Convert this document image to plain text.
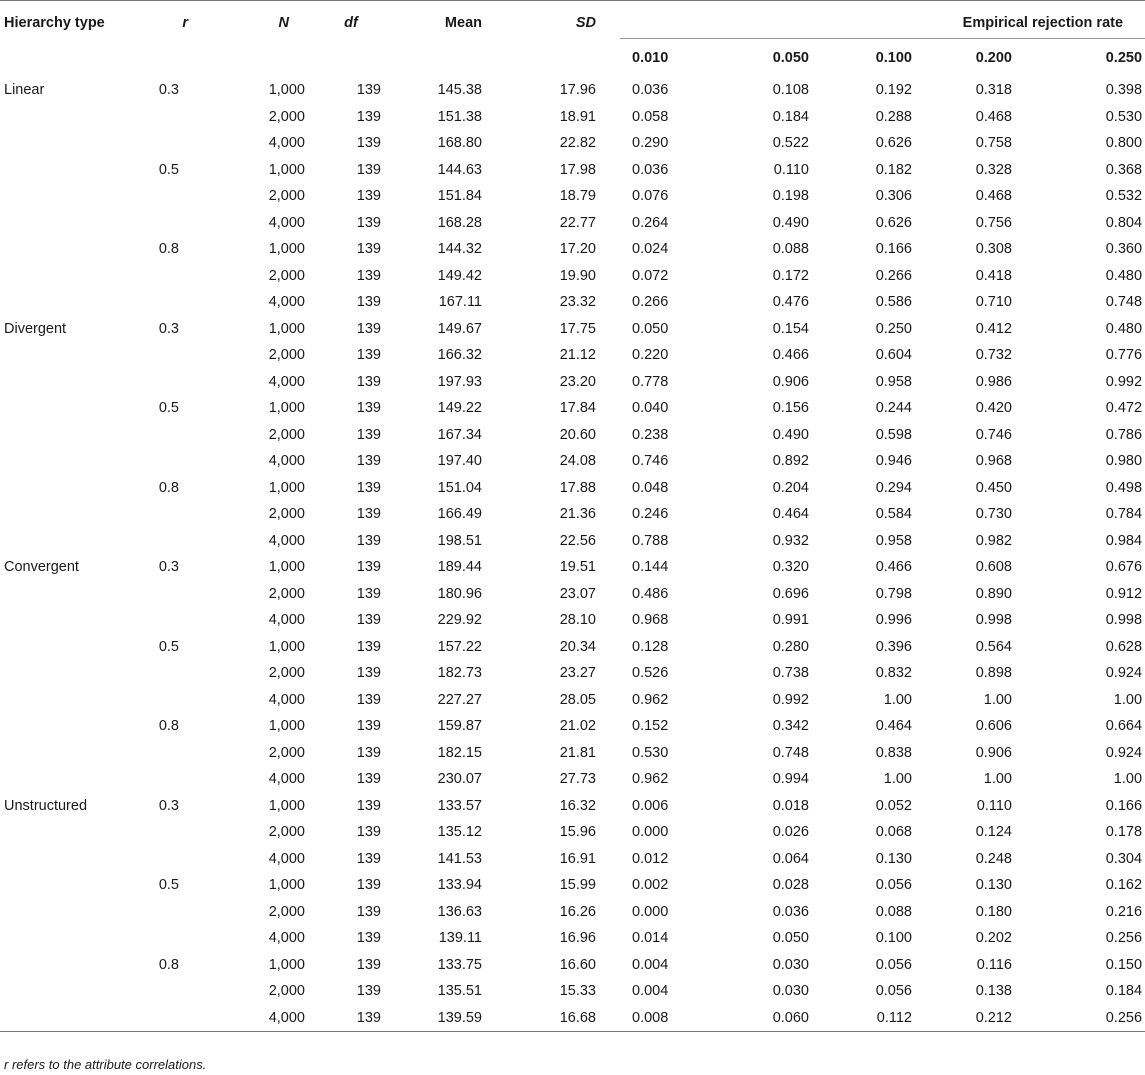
Hierarchy type	r	N	df	Mean	SD	Empirical rejection rate				
						0.010	0.050	0.100	0.200	0.250
Linear	0.3	1,000	139	145.38	17.96	0.036	0.108	0.192	0.318	0.398
		2,000	139	151.38	18.91	0.058	0.184	0.288	0.468	0.530
		4,000	139	168.80	22.82	0.290	0.522	0.626	0.758	0.800
	0.5	1,000	139	144.63	17.98	0.036	0.110	0.182	0.328	0.368
		2,000	139	151.84	18.79	0.076	0.198	0.306	0.468	0.532
		4,000	139	168.28	22.77	0.264	0.490	0.626	0.756	0.804
	0.8	1,000	139	144.32	17.20	0.024	0.088	0.166	0.308	0.360
		2,000	139	149.42	19.90	0.072	0.172	0.266	0.418	0.480
		4,000	139	167.11	23.32	0.266	0.476	0.586	0.710	0.748
Divergent	0.3	1,000	139	149.67	17.75	0.050	0.154	0.250	0.412	0.480
		2,000	139	166.32	21.12	0.220	0.466	0.604	0.732	0.776
		4,000	139	197.93	23.20	0.778	0.906	0.958	0.986	0.992
	0.5	1,000	139	149.22	17.84	0.040	0.156	0.244	0.420	0.472
		2,000	139	167.34	20.60	0.238	0.490	0.598	0.746	0.786
		4,000	139	197.40	24.08	0.746	0.892	0.946	0.968	0.980
	0.8	1,000	139	151.04	17.88	0.048	0.204	0.294	0.450	0.498
		2,000	139	166.49	21.36	0.246	0.464	0.584	0.730	0.784
		4,000	139	198.51	22.56	0.788	0.932	0.958	0.982	0.984
Convergent	0.3	1,000	139	189.44	19.51	0.144	0.320	0.466	0.608	0.676
		2,000	139	180.96	23.07	0.486	0.696	0.798	0.890	0.912
		4,000	139	229.92	28.10	0.968	0.991	0.996	0.998	0.998
	0.5	1,000	139	157.22	20.34	0.128	0.280	0.396	0.564	0.628
		2,000	139	182.73	23.27	0.526	0.738	0.832	0.898	0.924
		4,000	139	227.27	28.05	0.962	0.992	1.00	1.00	1.00
	0.8	1,000	139	159.87	21.02	0.152	0.342	0.464	0.606	0.664
		2,000	139	182.15	21.81	0.530	0.748	0.838	0.906	0.924
		4,000	139	230.07	27.73	0.962	0.994	1.00	1.00	1.00
Unstructured	0.3	1,000	139	133.57	16.32	0.006	0.018	0.052	0.110	0.166
		2,000	139	135.12	15.96	0.000	0.026	0.068	0.124	0.178
		4,000	139	141.53	16.91	0.012	0.064	0.130	0.248	0.304
	0.5	1,000	139	133.94	15.99	0.002	0.028	0.056	0.130	0.162
		2,000	139	136.63	16.26	0.000	0.036	0.088	0.180	0.216
		4,000	139	139.11	16.96	0.014	0.050	0.100	0.202	0.256
	0.8	1,000	139	133.75	16.60	0.004	0.030	0.056	0.116	0.150
		2,000	139	135.51	15.33	0.004	0.030	0.056	0.138	0.184
		4,000	139	139.59	16.68	0.008	0.060	0.112	0.212	0.256
r refers to the attribute correlations.
